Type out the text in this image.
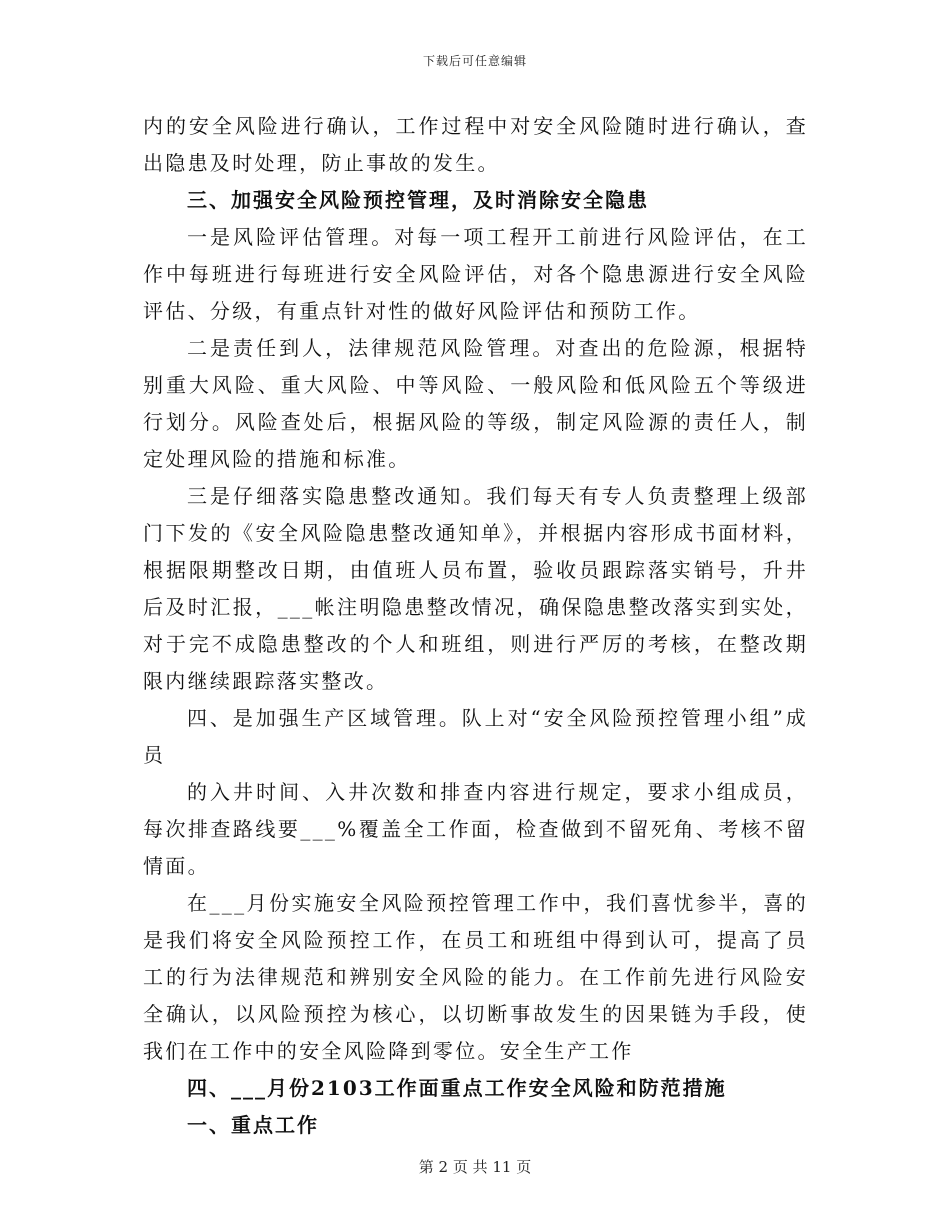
下载后可任意编辑

内的安全风险进行确认，工作过程中对安全风险随时进行确认，查出隐患及时处理，防止事故的发生。

三、加强安全风险预控管理，及时消除安全隐患

一是风险评估管理。对每一项工程开工前进行风险评估，在工作中每班进行每班进行安全风险评估，对各个隐患源进行安全风险评估、分级，有重点针对性的做好风险评估和预防工作。

二是责任到人，法律规范风险管理。对查出的危险源，根据特别重大风险、重大风险、中等风险、一般风险和低风险五个等级进行划分。风险查处后，根据风险的等级，制定风险源的责任人，制定处理风险的措施和标准。

三是仔细落实隐患整改通知。我们每天有专人负责整理上级部门下发的《安全风险隐患整改通知单》，并根据内容形成书面材料，根据限期整改日期，由值班人员布置，验收员跟踪落实销号，升井后及时汇报，___帐注明隐患整改情况，确保隐患整改落实到实处，对于完不成隐患整改的个人和班组，则进行严厉的考核，在整改期限内继续跟踪落实整改。

四、是加强生产区域管理。队上对“安全风险预控管理小组”成员

的入井时间、入井次数和排查内容进行规定，要求小组成员，每次排查路线要___%覆盖全工作面，检查做到不留死角、考核不留情面。

在___月份实施安全风险预控管理工作中，我们喜忧参半，喜的是我们将安全风险预控工作，在员工和班组中得到认可，提高了员工的行为法律规范和辨别安全风险的能力。在工作前先进行风险安全确认，以风险预控为核心，以切断事故发生的因果链为手段，使我们在工作中的安全风险降到零位。安全生产工作

四、___月份2103工作面重点工作安全风险和防范措施

一、重点工作

第 2 页 共 11 页
